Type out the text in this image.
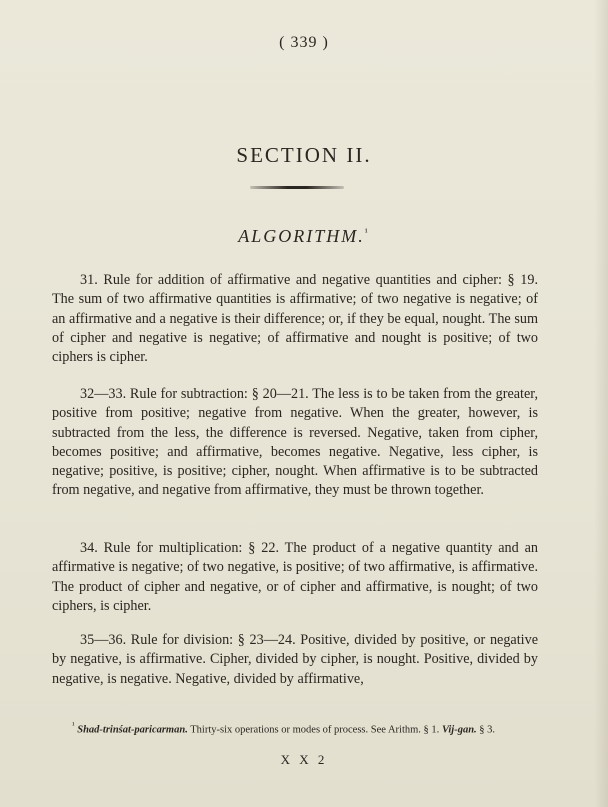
( 339 )
SECTION II.
ALGORITHM.$^{^1}$

31. Rule for addition of affirmative and negative quantities and cipher: § 19. The sum of two affirmative quantities is affirmative; of two negative is negative; of an affirmative and a negative is their difference; or, if they be equal, nought. The sum of cipher and negative is negative; of affirmative and nought is positive; of two ciphers is cipher.

32—33. Rule for subtraction: § 20—21. The less is to be taken from the greater, positive from positive; negative from negative. When the greater, however, is subtracted from the less, the difference is reversed. Negative, taken from cipher, becomes positive; and affirmative, becomes negative. Negative, less cipher, is negative; positive, is positive; cipher, nought. When affirmative is to be subtracted from negative, and negative from affirmative, they must be thrown together.

34. Rule for multiplication: § 22. The product of a negative quantity and an affirmative is negative; of two negative, is positive; of two affirmative, is affirmative. The product of cipher and negative, or of cipher and affirmative, is nought; of two ciphers, is cipher.

35—36. Rule for division: § 23—24. Positive, divided by positive, or negative by negative, is affirmative. Cipher, divided by cipher, is nought. Positive, divided by negative, is negative. Negative, divided by affirmative,

$^{^1}$ Shad-trinśat-paricarman. Thirty-six operations or modes of process. See Arithm. § 1. Vij-gan. § 3.

X X 2
